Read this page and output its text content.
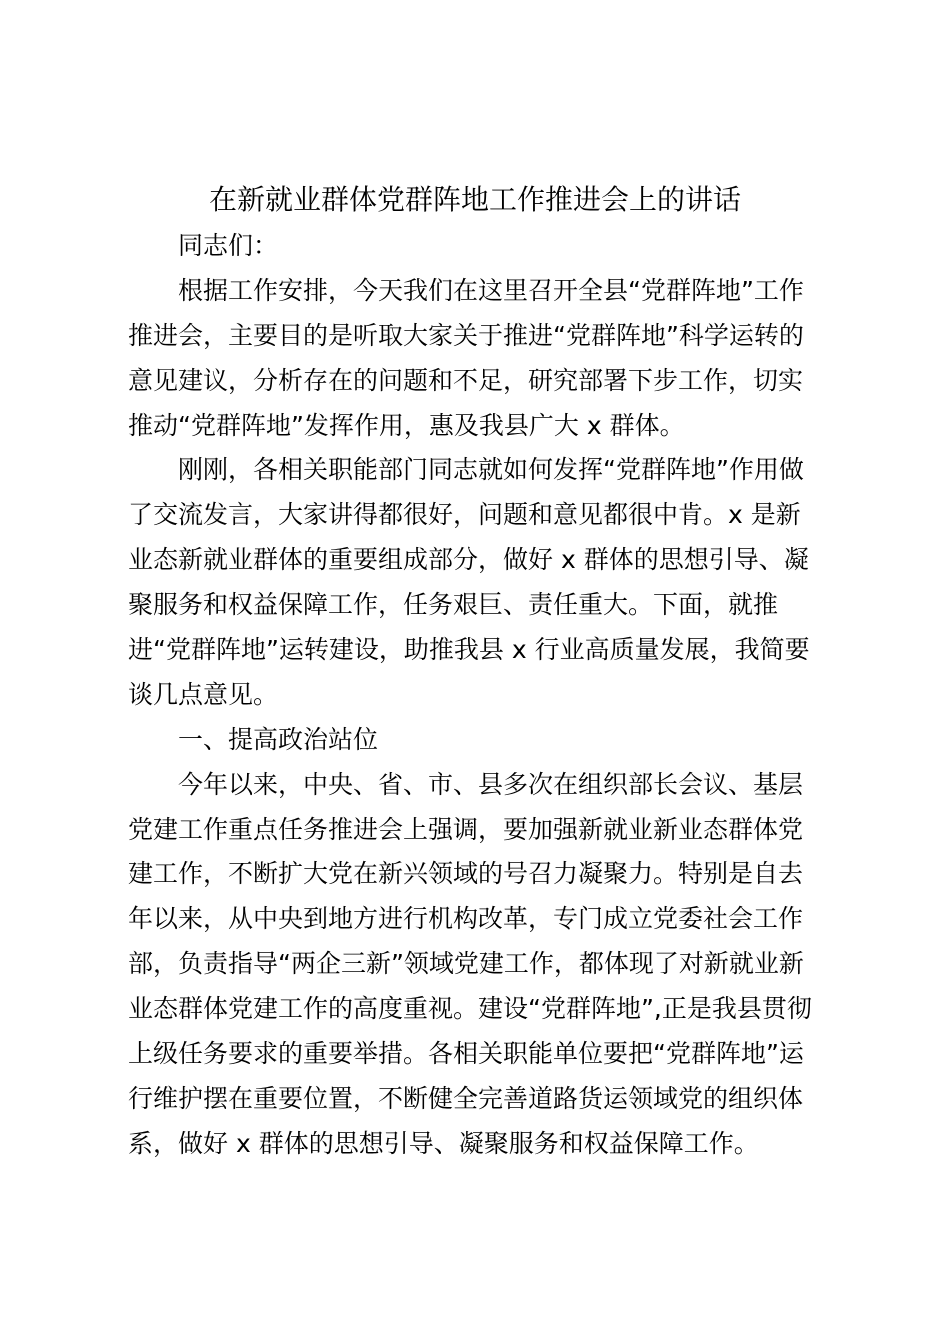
在新就业群体党群阵地工作推进会上的讲话
同志们：
根据工作安排，今天我们在这里召开全县“党群阵地”工作
推进会，主要目的是听取大家关于推进“党群阵地”科学运转的
意见建议，分析存在的问题和不足，研究部署下步工作，切实
推动“党群阵地”发挥作用，惠及我县广大 x 群体。
刚刚，各相关职能部门同志就如何发挥“党群阵地”作用做
了交流发言，大家讲得都很好，问题和意见都很中肯。x 是新
业态新就业群体的重要组成部分，做好 x 群体的思想引导、凝
聚服务和权益保障工作，任务艰巨、责任重大。下面，就推
进“党群阵地”运转建设，助推我县 x 行业高质量发展，我简要
谈几点意见。
一、提高政治站位
今年以来，中央、省、市、县多次在组织部长会议、基层
党建工作重点任务推进会上强调，要加强新就业新业态群体党
建工作，不断扩大党在新兴领域的号召力凝聚力。特别是自去
年以来，从中央到地方进行机构改革，专门成立党委社会工作
部，负责指导“两企三新”领域党建工作，都体现了对新就业新
业态群体党建工作的高度重视。建设“党群阵地”,正是我县贯彻
上级任务要求的重要举措。各相关职能单位要把“党群阵地”运
行维护摆在重要位置，不断健全完善道路货运领域党的组织体
系，做好 x 群体的思想引导、凝聚服务和权益保障工作。
